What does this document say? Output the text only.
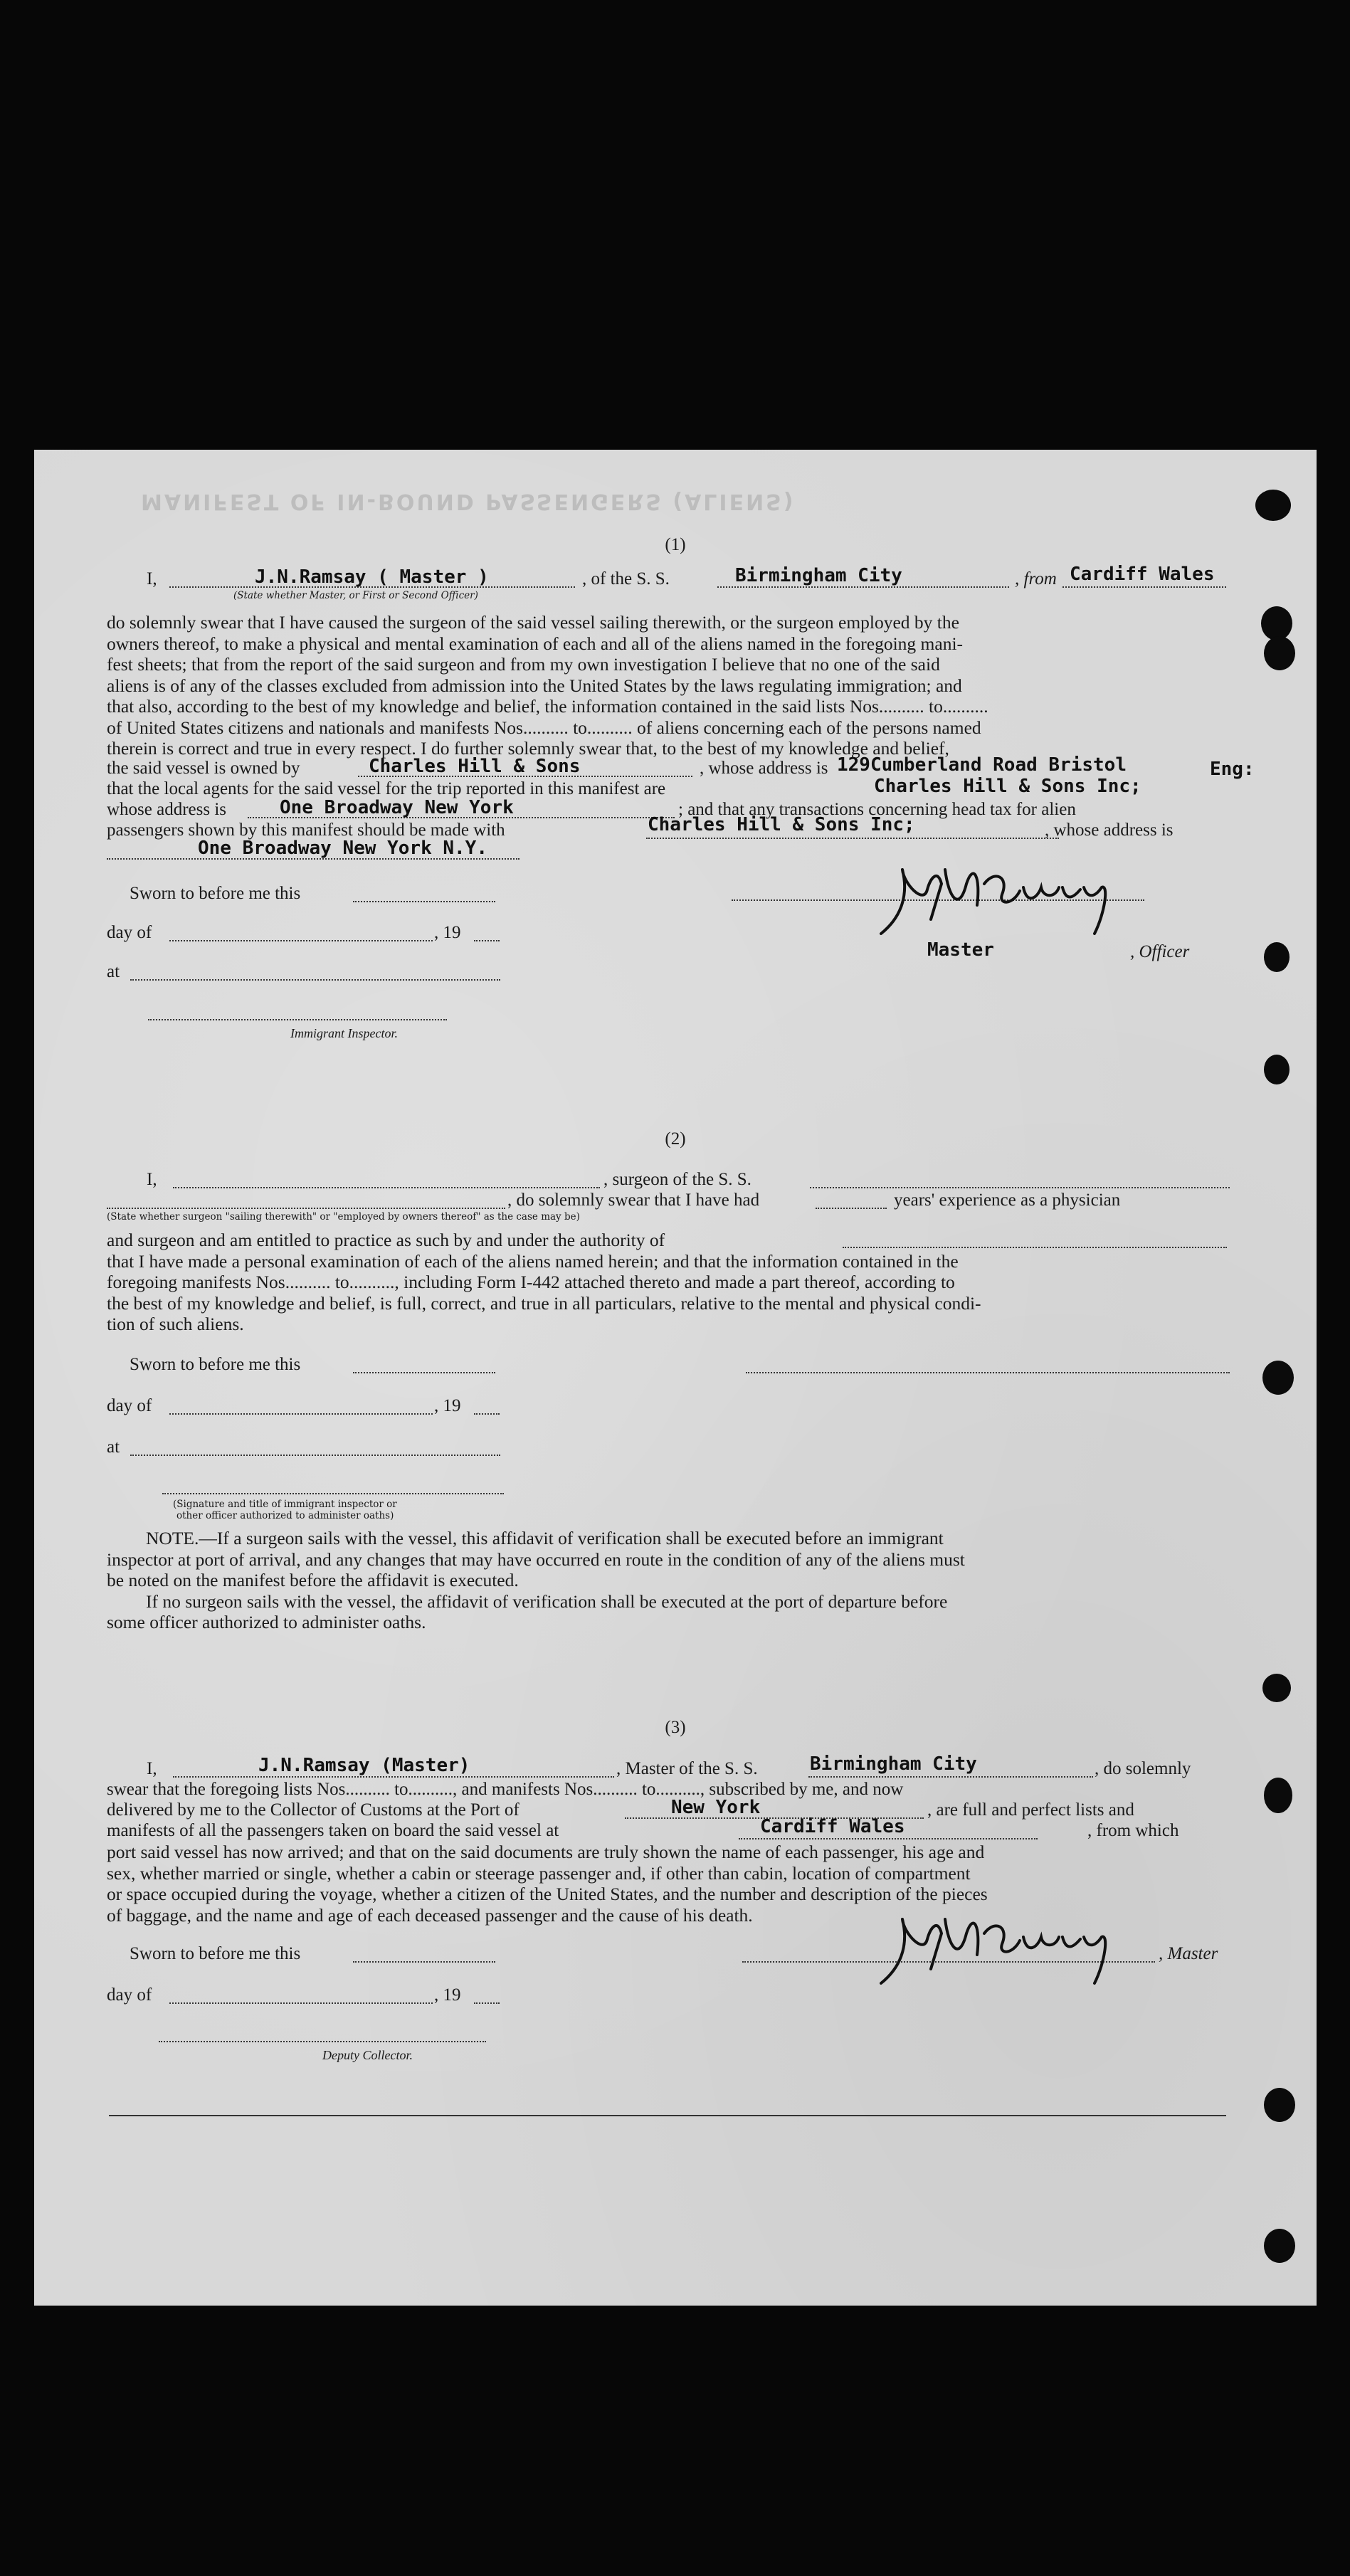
MANIFEST OF IN-BOUND PASSENGERS (ALIENS)
(1)
I,	J.N.Ramsay ( Master )
(State whether Master, or First or Second Officer)
, of the S. S.	Birmingham City	, from Cardiff Wales
do solemnly swear that I have caused the surgeon of the said vessel sailing therewith, or the surgeon employed by the
owners thereof, to make a physical and mental examination of each and all of the aliens named in the foregoing mani-
fest sheets; that from the report of the said surgeon and from my own investigation I believe that no one of the said
aliens is of any of the classes excluded from admission into the United States by the laws regulating immigration; and
that also, according to the best of my knowledge and belief, the information contained in the said lists Nos.......... to..........
of United States citizens and nationals and manifests Nos.......... to.......... of aliens concerning each of the persons named
therein is correct and true in every respect. I do further solemnly swear that, to the best of my knowledge and belief,
the said vessel is owned by	Charles Hill & Sons	, whose address is 129Cumberland Road Bristol	Eng:
that the local agents for the said vessel for the trip reported in this manifest are	Charles Hill & Sons Inc;
whose address is	One Broadway New York	; and that any transactions concerning head tax for alien
passengers shown by this manifest should be made with	Charles Hill & Sons Inc;	, whose address is
One Broadway New York N.Y.
Sworn to before me this
day of	, 19
at
Immigrant Inspector.
Master	, Officer
(2)
I,	, surgeon of the S. S.
, do solemnly swear that I have had	years' experience as a physician
(State whether surgeon "sailing therewith" or "employed by owners thereof" as the case may be)
and surgeon and am entitled to practice as such by and under the authority of
that I have made a personal examination of each of the aliens named herein; and that the information contained in the
foregoing manifests Nos.......... to.........., including Form I-442 attached thereto and made a part thereof, according to
the best of my knowledge and belief, is full, correct, and true in all particulars, relative to the mental and physical condi-
tion of such aliens.
Sworn to before me this
day of	, 19
at
(Signature and title of immigrant inspector or
other officer authorized to administer oaths)
NOTE.—If a surgeon sails with the vessel, this affidavit of verification shall be executed before an immigrant
inspector at port of arrival, and any changes that may have occurred en route in the condition of any of the aliens must
be noted on the manifest before the affidavit is executed.
If no surgeon sails with the vessel, the affidavit of verification shall be executed at the port of departure before
some officer authorized to administer oaths.
(3)
I,	J.N.Ramsay (Master)	, Master of the S. S.	Birmingham City	, do solemnly
swear that the foregoing lists Nos.......... to.........., and manifests Nos.......... to.........., subscribed by me, and now
delivered by me to the Collector of Customs at the Port of	New York	, are full and perfect lists and
manifests of all the passengers taken on board the said vessel at	Cardiff Wales	, from which
port said vessel has now arrived; and that on the said documents are truly shown the name of each passenger, his age and
sex, whether married or single, whether a cabin or steerage passenger and, if other than cabin, location of compartment
or space occupied during the voyage, whether a citizen of the United States, and the number and description of the pieces
of baggage, and the name and age of each deceased passenger and the cause of his death.
Sworn to before me this
day of	, 19
Deputy Collector.
, Master
